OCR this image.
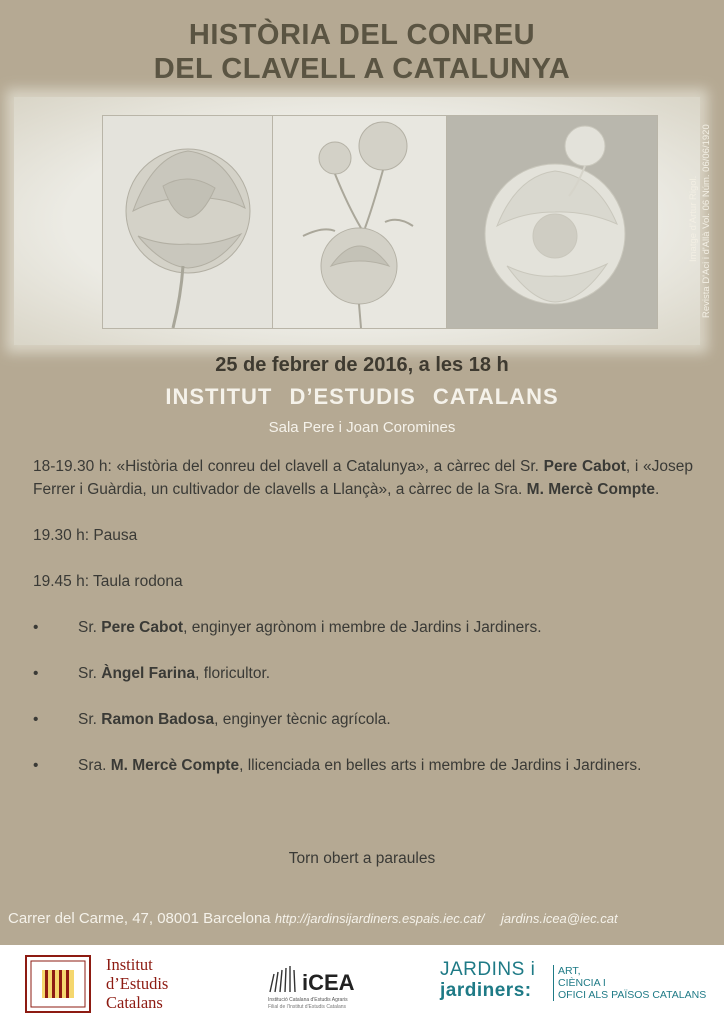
HISTÒRIA DEL CONREU
DEL CLAVELL A CATALUNYA
Imatge d'Artur Rigol. Revista D'Aci i d'Allà Vol. 06 Núm. 06/06/1920
25 de febrer de 2016, a les 18 h
INSTITUT D’ESTUDIS CATALANS
Sala Pere i Joan Coromines

18-19.30 h: «Història del conreu del clavell a Catalunya», a càrrec del Sr. Pere Cabot, i «Josep Ferrer i Guàrdia, un cultivador de clavells a Llançà», a càrrec de la Sra. M. Mercè Compte.

19.30 h: Pausa

19.45 h: Taula rodona

•	Sr. Pere Cabot, enginyer agrònom i membre de Jardins i Jardiners.

•	Sr. Àngel Farina, floricultor.

•	Sr. Ramon Badosa, enginyer tècnic agrícola.

•	Sra. M. Mercè Compte, llicenciada en belles arts i membre de Jardins i Jardiners.

Torn obert a paraules
Carrer del Carme, 47, 08001 Barcelona http://jardinsijardiners.espais.iec.cat/ jardins.icea@iec.cat
Institut
d’Estudis
Catalans
iCEA
Institució Catalana d'Estudis Agraris
Filial de l'Institut d'Estudis Catalans
JARDINS i
jardiners:
ART,
CIÈNCIA I
OFICI ALS PAÏSOS CATALANS
